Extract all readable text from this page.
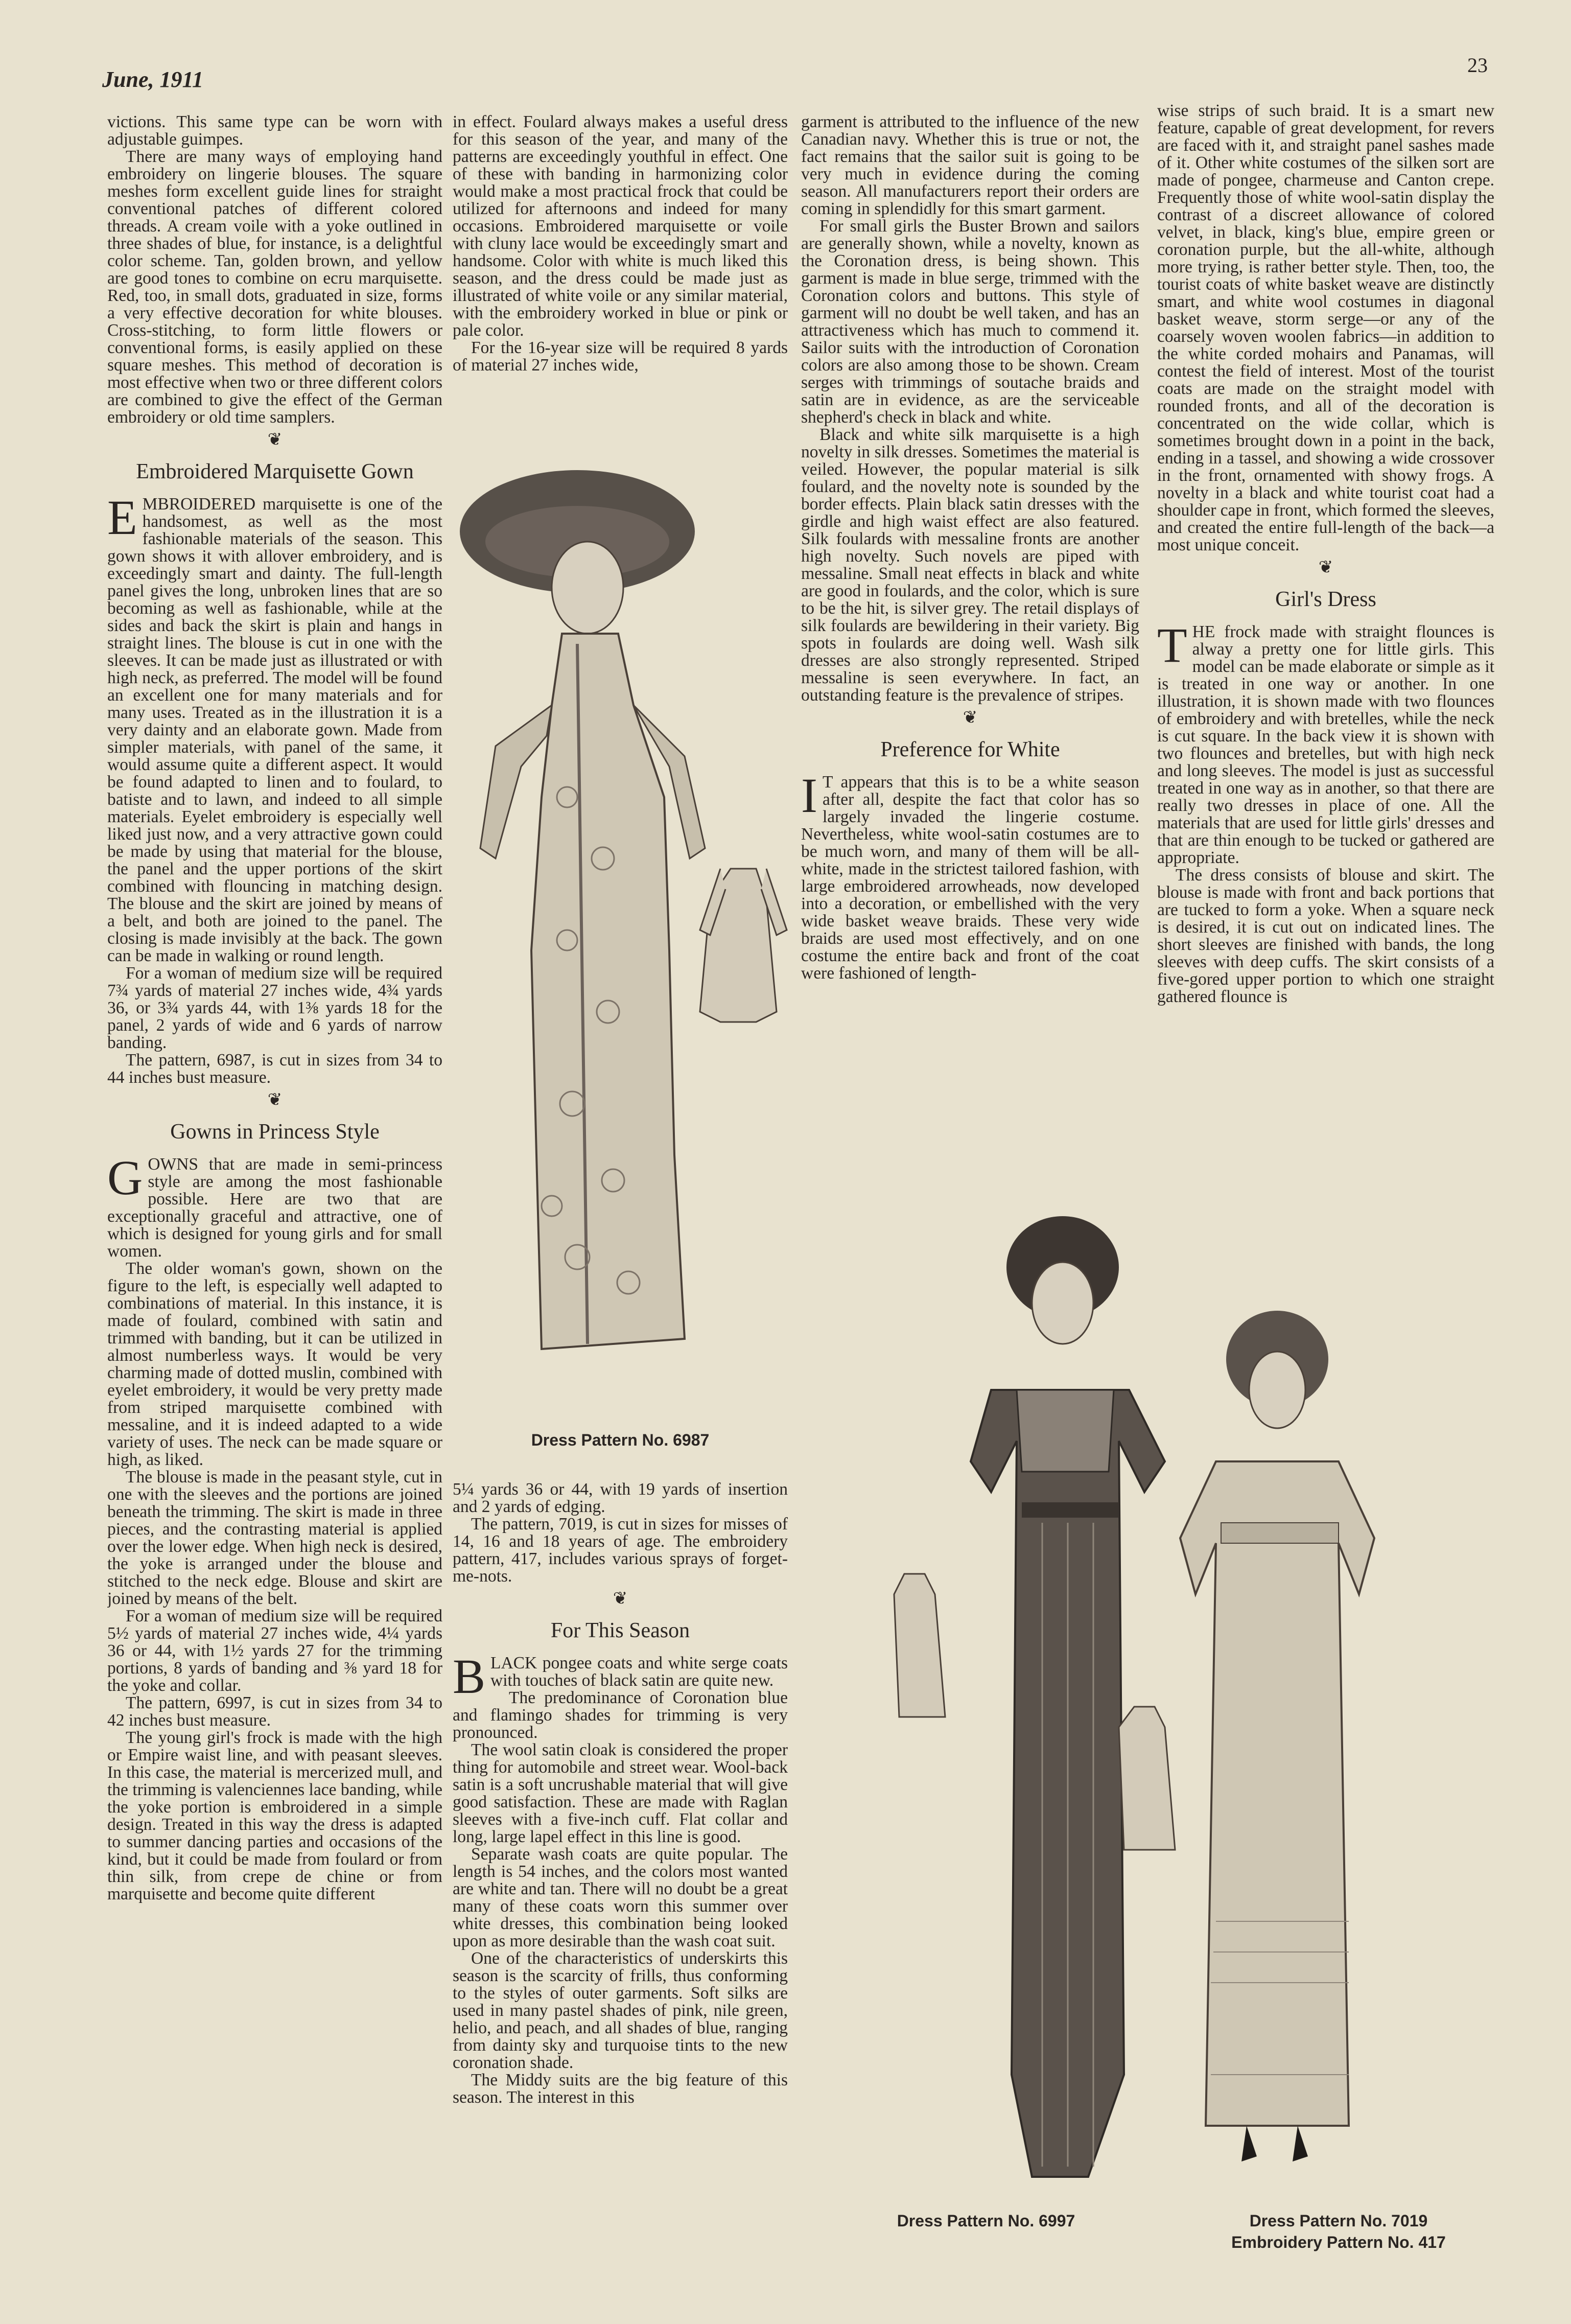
June, 1911
23

victions. This same type can be worn with adjustable guimpes.

There are many ways of employing hand embroidery on lingerie blouses. The square meshes form excellent guide lines for straight conventional patches of different colored threads. A cream voile with a yoke outlined in three shades of blue, for instance, is a delightful color scheme. Tan, golden brown, and yellow are good tones to combine on ecru marquisette. Red, too, in small dots, graduated in size, forms a very effective decoration for white blouses. Cross-stitching, to form little flowers or conventional forms, is easily applied on these square meshes. This method of decoration is most effective when two or three different colors are combined to give the effect of the German embroidery or old time samplers.

❦
Embroidered Marquisette Gown

EMBROIDERED marquisette is one of the handsomest, as well as the most fashionable materials of the season. This gown shows it with allover embroidery, and is exceedingly smart and dainty. The full-length panel gives the long, unbroken lines that are so becoming as well as fashionable, while at the sides and back the skirt is plain and hangs in straight lines. The blouse is cut in one with the sleeves. It can be made just as illustrated or with high neck, as preferred. The model will be found an excellent one for many materials and for many uses. Treated as in the illustration it is a very dainty and an elaborate gown. Made from simpler materials, with panel of the same, it would assume quite a different aspect. It would be found adapted to linen and to foulard, to batiste and to lawn, and indeed to all simple materials. Eyelet embroidery is especially well liked just now, and a very attractive gown could be made by using that material for the blouse, the panel and the upper portions of the skirt combined with flouncing in matching design. The blouse and the skirt are joined by means of a belt, and both are joined to the panel. The closing is made invisibly at the back. The gown can be made in walking or round length.

For a woman of medium size will be required 7¾ yards of material 27 inches wide, 4¾ yards 36, or 3¾ yards 44, with 1⅜ yards 18 for the panel, 2 yards of wide and 6 yards of narrow banding.

The pattern, 6987, is cut in sizes from 34 to 44 inches bust measure.

❦
Gowns in Princess Style

GOWNS that are made in semi-princess style are among the most fashionable possible. Here are two that are exceptionally graceful and attractive, one of which is designed for young girls and for small women.

The older woman's gown, shown on the figure to the left, is especially well adapted to combinations of material. In this instance, it is made of foulard, combined with satin and trimmed with banding, but it can be utilized in almost numberless ways. It would be very charming made of dotted muslin, combined with eyelet embroidery, it would be very pretty made from striped marquisette combined with messaline, and it is indeed adapted to a wide variety of uses. The neck can be made square or high, as liked.

The blouse is made in the peasant style, cut in one with the sleeves and the portions are joined beneath the trimming. The skirt is made in three pieces, and the contrasting material is applied over the lower edge. When high neck is desired, the yoke is arranged under the blouse and stitched to the neck edge. Blouse and skirt are joined by means of the belt.

For a woman of medium size will be required 5½ yards of material 27 inches wide, 4¼ yards 36 or 44, with 1½ yards 27 for the trimming portions, 8 yards of banding and ⅜ yard 18 for the yoke and collar.

The pattern, 6997, is cut in sizes from 34 to 42 inches bust measure.

The young girl's frock is made with the high or Empire waist line, and with peasant sleeves. In this case, the material is mercerized mull, and the trimming is valenciennes lace banding, while the yoke portion is embroidered in a simple design. Treated in this way the dress is adapted to summer dancing parties and occasions of the kind, but it could be made from foulard or from thin silk, from crepe de chine or from marquisette and become quite different

in effect. Foulard always makes a useful dress for this season of the year, and many of the patterns are exceedingly youthful in effect. One of these with banding in harmonizing color would make a most practical frock that could be utilized for afternoons and indeed for many occasions. Embroidered marquisette or voile with cluny lace would be exceedingly smart and handsome. Color with white is much liked this season, and the dress could be made just as illustrated of white voile or any similar material, with the embroidery worked in blue or pink or pale color.

For the 16-year size will be required 8 yards of material 27 inches wide,

Dress Pattern No. 6987

5¼ yards 36 or 44, with 19 yards of insertion and 2 yards of edging.

The pattern, 7019, is cut in sizes for misses of 14, 16 and 18 years of age. The embroidery pattern, 417, includes various sprays of forget-me-nots.

❦
For This Season

BLACK pongee coats and white serge coats with touches of black satin are quite new.

The predominance of Coronation blue and flamingo shades for trimming is very pronounced.

The wool satin cloak is considered the proper thing for automobile and street wear. Wool-back satin is a soft uncrushable material that will give good satisfaction. These are made with Raglan sleeves with a five-inch cuff. Flat collar and long, large lapel effect in this line is good.

Separate wash coats are quite popular. The length is 54 inches, and the colors most wanted are white and tan. There will no doubt be a great many of these coats worn this summer over white dresses, this combination being looked upon as more desirable than the wash coat suit.

One of the characteristics of underskirts this season is the scarcity of frills, thus conforming to the styles of outer garments. Soft silks are used in many pastel shades of pink, nile green, helio, and peach, and all shades of blue, ranging from dainty sky and turquoise tints to the new coronation shade.

The Middy suits are the big feature of this season. The interest in this

garment is attributed to the influence of the new Canadian navy. Whether this is true or not, the fact remains that the sailor suit is going to be very much in evidence during the coming season. All manufacturers report their orders are coming in splendidly for this smart garment.

For small girls the Buster Brown and sailors are generally shown, while a novelty, known as the Coronation dress, is being shown. This garment is made in blue serge, trimmed with the Coronation colors and buttons. This style of garment will no doubt be well taken, and has an attractiveness which has much to commend it. Sailor suits with the introduction of Coronation colors are also among those to be shown. Cream serges with trimmings of soutache braids and satin are in evidence, as are the serviceable shepherd's check in black and white.

Black and white silk marquisette is a high novelty in silk dresses. Sometimes the material is veiled. However, the popular material is silk foulard, and the novelty note is sounded by the border effects. Plain black satin dresses with the girdle and high waist effect are also featured. Silk foulards with messaline fronts are another high novelty. Such novels are piped with messaline. Small neat effects in black and white are good in foulards, and the color, which is sure to be the hit, is silver grey. The retail displays of silk foulards are bewildering in their variety. Big spots in foulards are doing well. Wash silk dresses are also strongly represented. Striped messaline is seen everywhere. In fact, an outstanding feature is the prevalence of stripes.

❦
Preference for White

I T appears that this is to be a white season after all, despite the fact that color has so largely invaded the lingerie costume. Nevertheless, white wool-satin costumes are to be much worn, and many of them will be all-white, made in the strictest tailored fashion, with large embroidered arrowheads, now developed into a decoration, or embellished with the very wide basket weave braids. These very wide braids are used most effectively, and on one costume the entire back and front of the coat were fashioned of length-

wise strips of such braid. It is a smart new feature, capable of great development, for revers are faced with it, and straight panel sashes made of it. Other white costumes of the silken sort are made of pongee, charmeuse and Canton crepe. Frequently those of white wool-satin display the contrast of a discreet allowance of colored velvet, in black, king's blue, empire green or coronation purple, but the all-white, although more trying, is rather better style. Then, too, the tourist coats of white basket weave are distinctly smart, and white wool costumes in diagonal basket weave, storm serge—or any of the coarsely woven woolen fabrics—in addition to the white corded mohairs and Panamas, will contest the field of interest. Most of the tourist coats are made on the straight model with rounded fronts, and all of the decoration is concentrated on the wide collar, which is sometimes brought down in a point in the back, ending in a tassel, and showing a wide crossover in the front, ornamented with showy frogs. A novelty in a black and white tourist coat had a shoulder cape in front, which formed the sleeves, and created the entire full-length of the back—a most unique conceit.

❦
Girl's Dress

THE frock made with straight flounces is alway a pretty one for little girls. This model can be made elaborate or simple as it is treated in one way or another. In one illustration, it is shown made with two flounces of embroidery and with bretelles, while the neck is cut square. In the back view it is shown with two flounces and bretelles, but with high neck and long sleeves. The model is just as successful treated in one way as in another, so that there are really two dresses in place of one. All the materials that are used for little girls' dresses and that are thin enough to be tucked or gathered are appropriate.

The dress consists of blouse and skirt. The blouse is made with front and back portions that are tucked to form a yoke. When a square neck is desired, it is cut out on indicated lines. The short sleeves are finished with bands, the long sleeves with deep cuffs. The skirt consists of a five-gored upper portion to which one straight gathered flounce is

Dress Pattern No. 6997	Dress Pattern No. 7019
Embroidery Pattern No. 417
